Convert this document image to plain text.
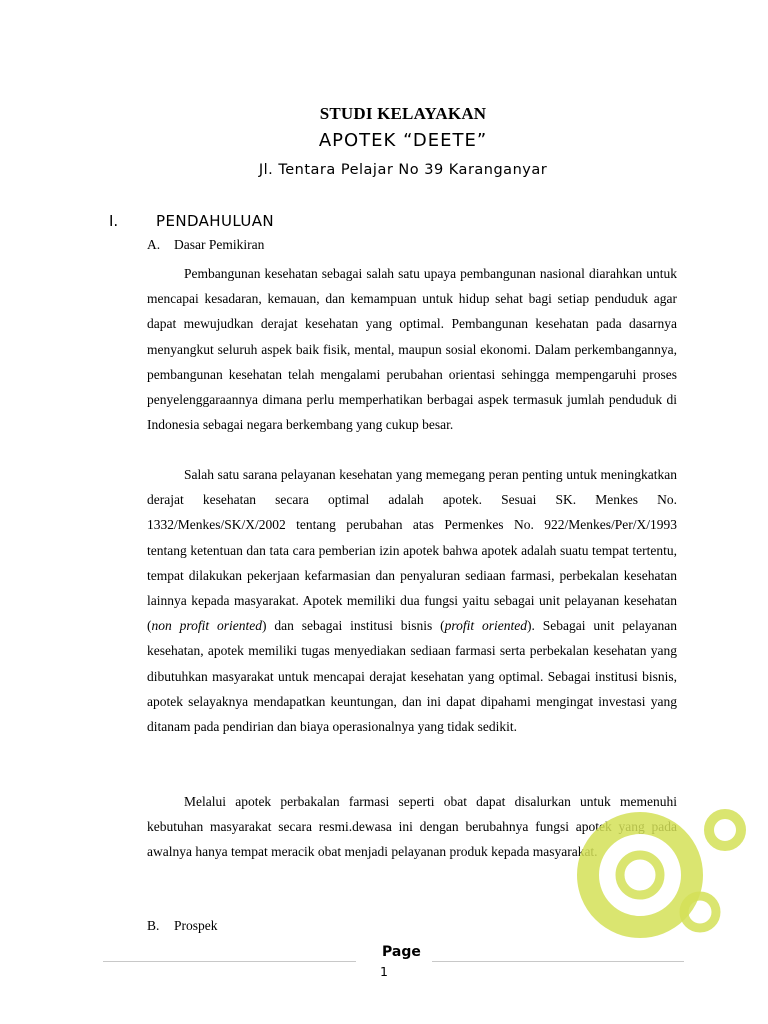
STUDI KELAYAKAN
APOTEK “DEETE”
Jl. Tentara Pelajar No 39 Karanganyar
I.	PENDAHULUAN
A. Dasar Pemikiran

Pembangunan kesehatan sebagai salah satu upaya pembangunan nasional diarahkan untuk mencapai kesadaran, kemauan, dan kemampuan untuk hidup sehat bagi setiap penduduk agar dapat mewujudkan derajat kesehatan yang optimal. Pembangunan kesehatan pada dasarnya menyangkut seluruh aspek baik fisik, mental, maupun sosial ekonomi. Dalam perkembangannya, pembangunan kesehatan telah mengalami perubahan orientasi sehingga mempengaruhi proses penyelenggaraannya dimana perlu memperhatikan berbagai aspek termasuk jumlah penduduk di Indonesia sebagai negara berkembang yang cukup besar.

Salah satu sarana pelayanan kesehatan yang memegang peran penting untuk meningkatkan derajat kesehatan secara optimal adalah apotek. Sesuai SK. Menkes No. 1332/Menkes/SK/X/2002 tentang perubahan atas Permenkes No. 922/Menkes/Per/X/1993 tentang ketentuan dan tata cara pemberian izin apotek bahwa apotek adalah suatu tempat tertentu, tempat dilakukan pekerjaan kefarmasian dan penyaluran sediaan farmasi, perbekalan kesehatan lainnya kepada masyarakat. Apotek memiliki dua fungsi yaitu sebagai unit pelayanan kesehatan (non profit oriented) dan sebagai institusi bisnis (profit oriented). Sebagai unit pelayanan kesehatan, apotek memiliki tugas menyediakan sediaan farmasi serta perbekalan kesehatan yang dibutuhkan masyarakat untuk mencapai derajat kesehatan yang optimal. Sebagai institusi bisnis, apotek selayaknya mendapatkan keuntungan, dan ini dapat dipahami mengingat investasi yang ditanam pada pendirian dan biaya operasionalnya yang tidak sedikit.

Melalui apotek perbakalan farmasi seperti obat dapat disalurkan untuk memenuhi kebutuhan masyarakat secara resmi.dewasa ini dengan berubahnya fungsi apotek yang pada awalnya hanya tempat meracik obat menjadi pelayanan produk kepada masyarakat.

B. Prospek
Page
1
